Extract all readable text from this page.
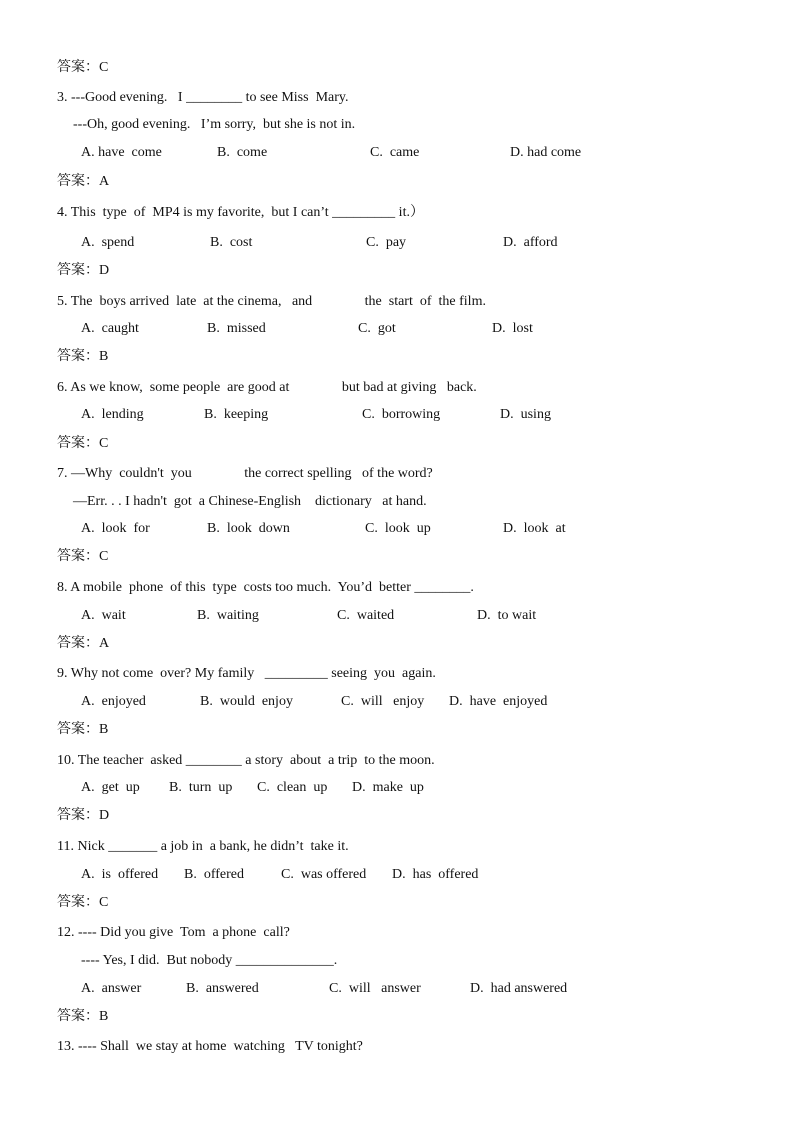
答案：C
3. ---Good evening.   I ________ to see Miss  Mary.
---Oh, good evening.   I’m sorry,  but she is not in.
A. have  come	B.  come	C.  came	D. had come
答案：A
4. This  type  of  MP4 is my favorite,  but I can’t _________ it.）
A.  spend	B.  cost	C.  pay	D.  afford
答案：D
5. The  boys arrived  late  at the cinema,   and               the  start  of  the film.
A.  caught	B.  missed	C.  got	D.  lost
答案：B
6. As we know,  some people  are good at               but bad at giving   back.
A.  lending	B.  keeping	C.  borrowing	D.  using
答案：C
7. —Why  couldn't  you               the correct spelling   of the word?
—Err. . . I hadn't  got  a Chinese-English    dictionary   at hand.
A.  look  for	B.  look  down	C.  look  up	D.  look  at
答案：C
8. A mobile  phone  of this  type  costs too much.  You’d  better ________.
A.  wait	B.  waiting	C.  waited	D.  to wait
答案：A
9. Why not come  over? My family   _________ seeing  you  again.
A.  enjoyed	B.  would  enjoy	C.  will   enjoy D.  have  enjoyed
答案：B
10. The teacher  asked ________ a story  about  a trip  to the moon.
A.  get  up B.  turn  up C.  clean  up D.  make  up
答案：D
11. Nick _______ a job in  a bank, he didn’t  take it.
A.  is  offered B.  offered	C.  was offered D.  has  offered
答案：C
12. ---- Did you give  Tom  a phone  call?
---- Yes, I did.  But nobody ______________.
A.  answer	B.  answered	C.  will   answer	D.  had answered
答案：B
13. ---- Shall  we stay at home  watching   TV tonight?
